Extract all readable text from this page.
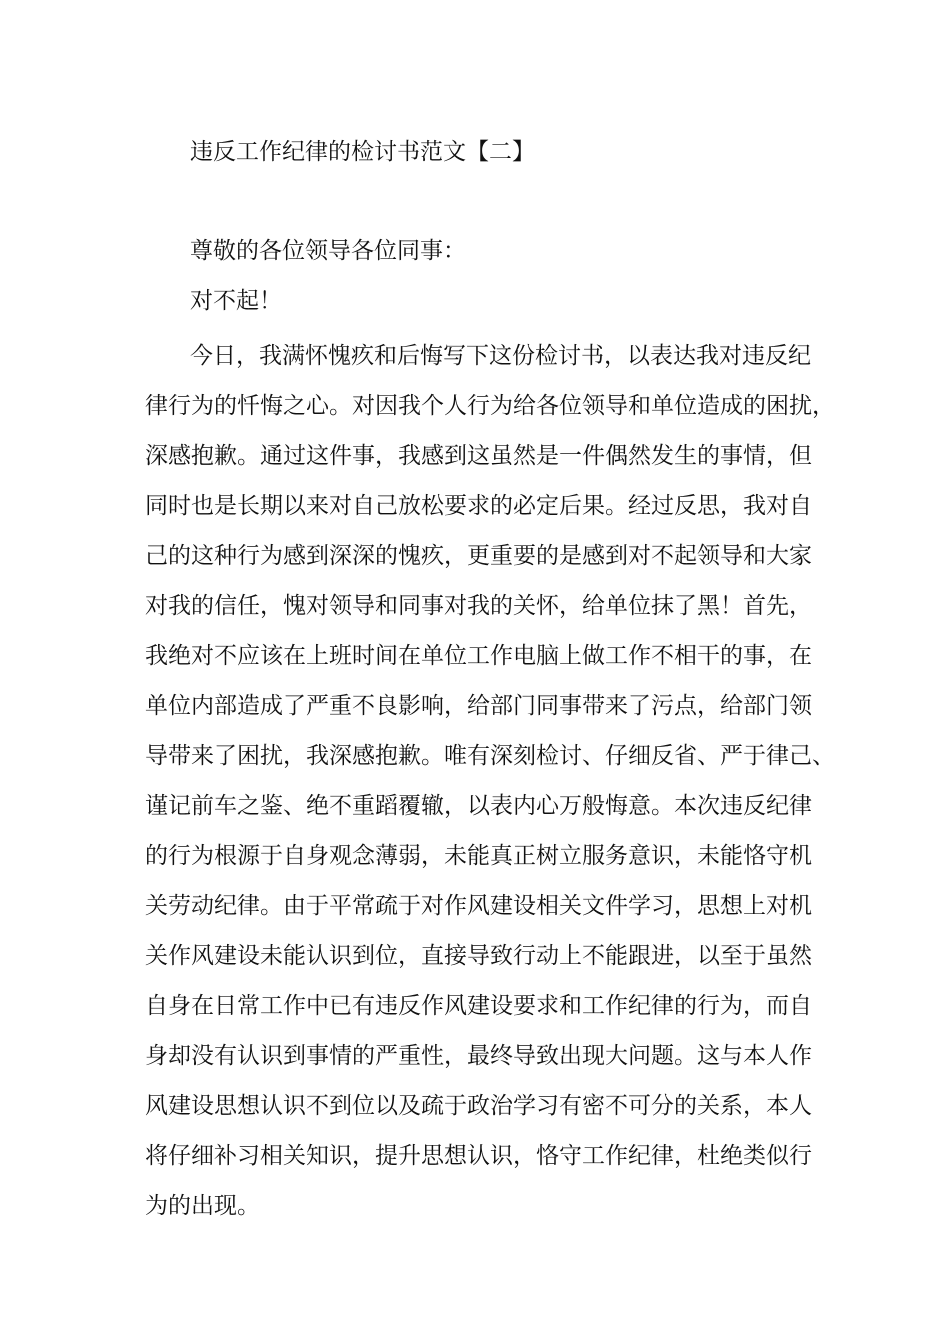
违反工作纪律的检讨书范文【二】

尊敬的各位领导各位同事：

对不起！

今日，我满怀愧疚和后悔写下这份检讨书，以表达我对违反纪
律行为的忏悔之心。对因我个人行为给各位领导和单位造成的困扰，
深感抱歉。通过这件事，我感到这虽然是一件偶然发生的事情，但
同时也是长期以来对自己放松要求的必定后果。经过反思，我对自
己的这种行为感到深深的愧疚，更重要的是感到对不起领导和大家
对我的信任，愧对领导和同事对我的关怀，给单位抹了黑！首先，
我绝对不应该在上班时间在单位工作电脑上做工作不相干的事，在
单位内部造成了严重不良影响，给部门同事带来了污点，给部门领
导带来了困扰，我深感抱歉。唯有深刻检讨、仔细反省、严于律己、
谨记前车之鉴、绝不重蹈覆辙，以表内心万般悔意。本次违反纪律
的行为根源于自身观念薄弱，未能真正树立服务意识，未能恪守机
关劳动纪律。由于平常疏于对作风建设相关文件学习，思想上对机
关作风建设未能认识到位，直接导致行动上不能跟进，以至于虽然
自身在日常工作中已有违反作风建设要求和工作纪律的行为，而自
身却没有认识到事情的严重性，最终导致出现大问题。这与本人作
风建设思想认识不到位以及疏于政治学习有密不可分的关系，本人
将仔细补习相关知识，提升思想认识，恪守工作纪律，杜绝类似行
为的出现。
